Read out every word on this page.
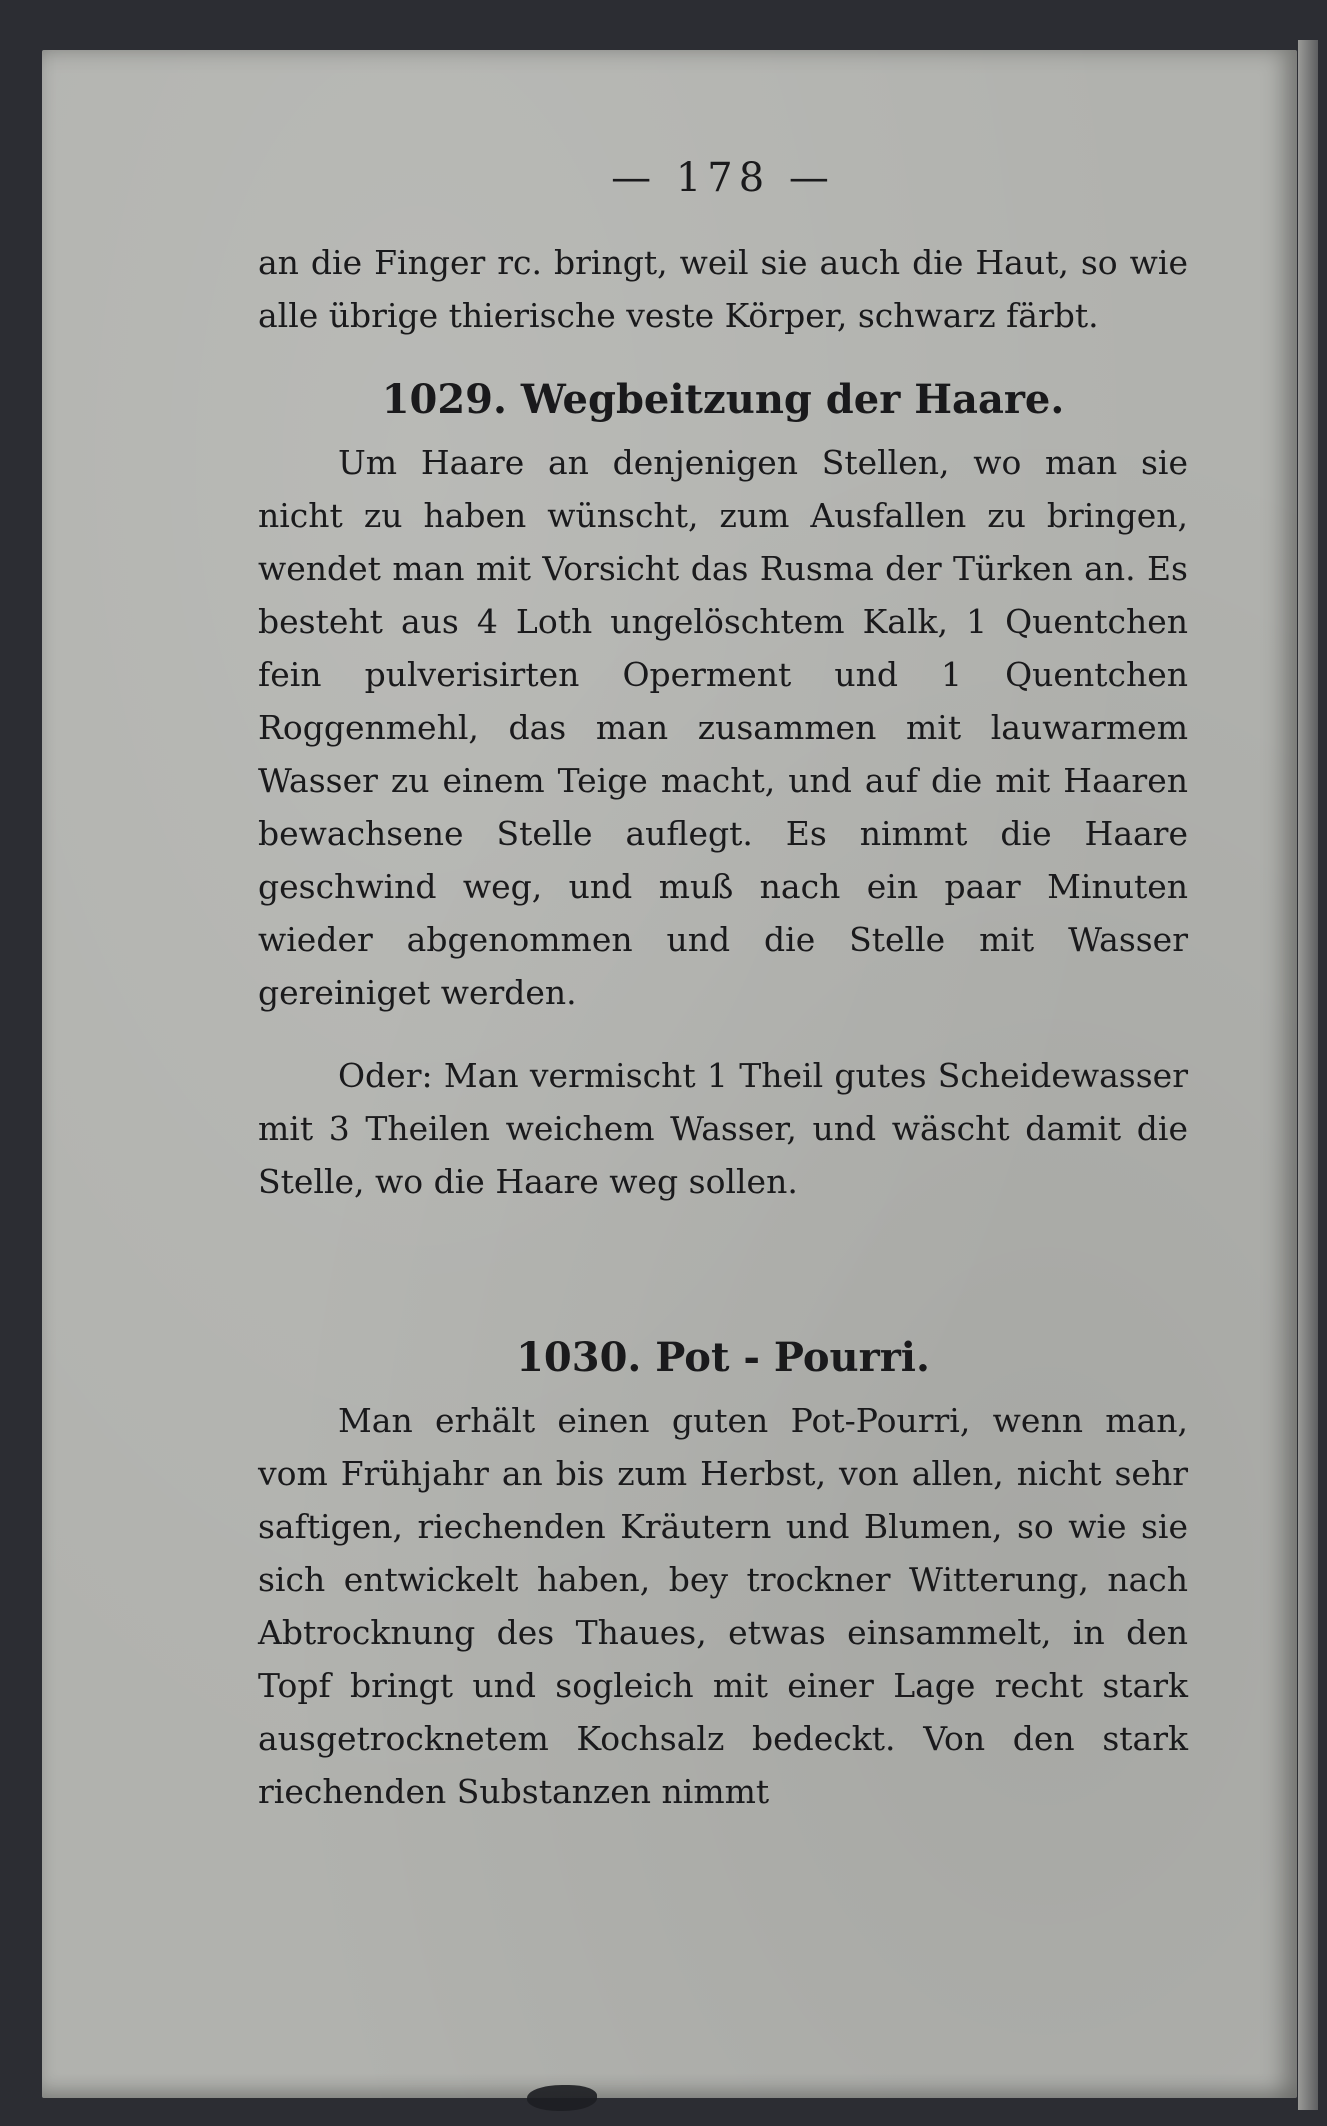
— 178 —

an die Finger rc. bringt, weil sie auch die Haut, so wie alle übrige thierische veste Körper, schwarz färbt.

1029. Wegbeitzung der Haare.

Um Haare an denjenigen Stellen, wo man sie nicht zu haben wünscht, zum Ausfallen zu bringen, wendet man mit Vorsicht das Rusma der Türken an. Es besteht aus 4 Loth ungelöschtem Kalk, 1 Quentchen fein pulverisirten Operment und 1 Quentchen Roggenmehl, das man zusammen mit lauwarmem Wasser zu einem Teige macht, und auf die mit Haaren bewachsene Stelle auflegt. Es nimmt die Haare geschwind weg, und muß nach ein paar Minuten wieder abgenommen und die Stelle mit Wasser gereiniget werden.

Oder: Man vermischt 1 Theil gutes Scheidewasser mit 3 Theilen weichem Wasser, und wäscht damit die Stelle, wo die Haare weg sollen.

1030. Pot - Pourri.

Man erhält einen guten Pot-Pourri, wenn man, vom Frühjahr an bis zum Herbst, von allen, nicht sehr saftigen, riechenden Kräutern und Blumen, so wie sie sich entwickelt haben, bey trockner Witterung, nach Abtrocknung des Thaues, etwas einsammelt, in den Topf bringt und sogleich mit einer Lage recht stark ausgetrocknetem Kochsalz bedeckt. Von den stark riechenden Substanzen nimmt
